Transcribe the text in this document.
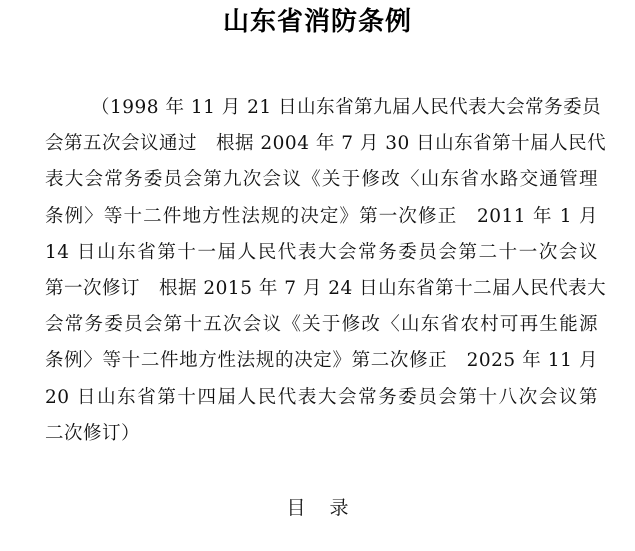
山东省消防条例
（1998 年 11 月 21 日山东省第九届人民代表大会常务委员
会第五次会议通过　根据 2004 年 7 月 30 日山东省第十届人民代
表大会常务委员会第九次会议《关于修改〈山东省水路交通管理
条例〉等十二件地方性法规的决定》第一次修正　2011 年 1 月
14 日山东省第十一届人民代表大会常务委员会第二十一次会议
第一次修订　根据 2015 年 7 月 24 日山东省第十二届人民代表大
会常务委员会第十五次会议《关于修改〈山东省农村可再生能源
条例〉等十二件地方性法规的决定》第二次修正　2025 年 11 月
20 日山东省第十四届人民代表大会常务委员会第十八次会议第
二次修订）
目 录
